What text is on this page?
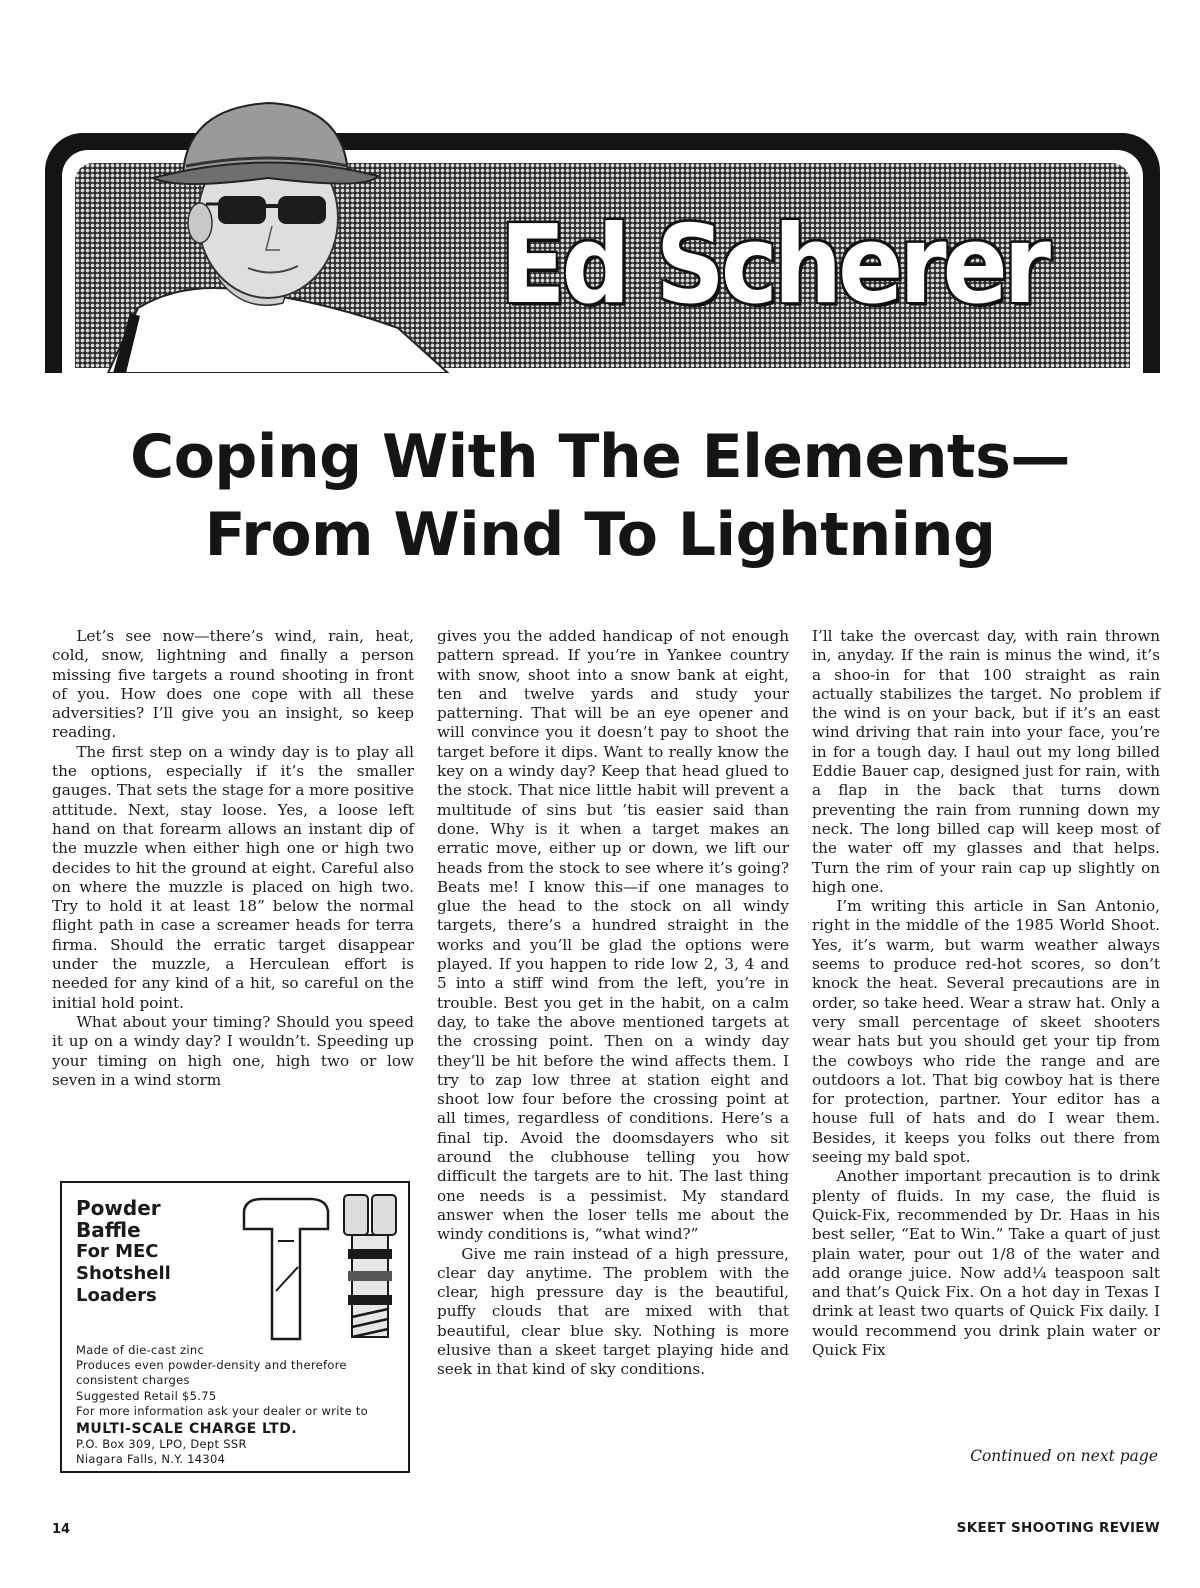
Ed Scherer
Coping With The Elements—
From Wind To Lightning

Let’s see now—there’s wind, rain, heat, cold, snow, lightning and finally a person missing five targets a round shooting in front of you. How does one cope with all these adversities? I’ll give you an insight, so keep reading.

The first step on a windy day is to play all the options, especially if it’s the smaller gauges. That sets the stage for a more positive attitude. Next, stay loose. Yes, a loose left hand on that forearm allows an instant dip of the muzzle when either high one or high two decides to hit the ground at eight. Careful also on where the muzzle is placed on high two. Try to hold it at least 18” below the normal flight path in case a screamer heads for terra firma. Should the erratic target disappear under the muzzle, a Herculean effort is needed for any kind of a hit, so careful on the initial hold point.

What about your timing? Should you speed it up on a windy day? I wouldn’t. Speeding up your timing on high one, high two or low seven in a wind storm

gives you the added handicap of not enough pattern spread. If you’re in Yankee country with snow, shoot into a snow bank at eight, ten and twelve yards and study your patterning. That will be an eye opener and will convince you it doesn’t pay to shoot the target before it dips. Want to really know the key on a windy day? Keep that head glued to the stock. That nice little habit will prevent a multitude of sins but ’tis easier said than done. Why is it when a target makes an erratic move, either up or down, we lift our heads from the stock to see where it’s going? Beats me! I know this—if one manages to glue the head to the stock on all windy targets, there’s a hundred straight in the works and you’ll be glad the options were played. If you happen to ride low 2, 3, 4 and 5 into a stiff wind from the left, you’re in trouble. Best you get in the habit, on a calm day, to take the above mentioned targets at the crossing point. Then on a windy day they’ll be hit before the wind affects them. I try to zap low three at station eight and shoot low four before the crossing point at all times, regardless of conditions. Here’s a final tip. Avoid the doomsdayers who sit around the clubhouse telling you how difficult the targets are to hit. The last thing one needs is a pessimist. My standard answer when the loser tells me about the windy conditions is, “what wind?”

Give me rain instead of a high pressure, clear day anytime. The problem with the clear, high pressure day is the beautiful, puffy clouds that are mixed with that beautiful, clear blue sky. Nothing is more elusive than a skeet target playing hide and seek in that kind of sky conditions.

I’ll take the overcast day, with rain thrown in, anyday. If the rain is minus the wind, it’s a shoo-in for that 100 straight as rain actually stabilizes the target. No problem if the wind is on your back, but if it’s an east wind driving that rain into your face, you’re in for a tough day. I haul out my long billed Eddie Bauer cap, designed just for rain, with a flap in the back that turns down preventing the rain from running down my neck. The long billed cap will keep most of the water off my glasses and that helps. Turn the rim of your rain cap up slightly on high one.

I’m writing this article in San Antonio, right in the middle of the 1985 World Shoot. Yes, it’s warm, but warm weather always seems to produce red-hot scores, so don’t knock the heat. Several precautions are in order, so take heed. Wear a straw hat. Only a very small percentage of skeet shooters wear hats but you should get your tip from the cowboys who ride the range and are outdoors a lot. That big cowboy hat is there for protection, partner. Your editor has a house full of hats and do I wear them. Besides, it keeps you folks out there from seeing my bald spot.

Another important precaution is to drink plenty of fluids. In my case, the fluid is Quick-Fix, recommended by Dr. Haas in his best seller, “Eat to Win.” Take a quart of just plain water, pour out 1/8 of the water and add orange juice. Now add¼ teaspoon salt and that’s Quick Fix. On a hot day in Texas I drink at least two quarts of Quick Fix daily. I would recommend you drink plain water or Quick Fix

Continued on next page
Powder
Baffle
For MEC
Shotshell
Loaders
Made of die-cast zinc
Produces even powder-density and therefore consistent charges
Suggested Retail $5.75
For more information ask your dealer or write to
MULTI-SCALE CHARGE LTD.
P.O. Box 309, LPO, Dept SSR
Niagara Falls, N.Y. 14304
14	SKEET SHOOTING REVIEW
